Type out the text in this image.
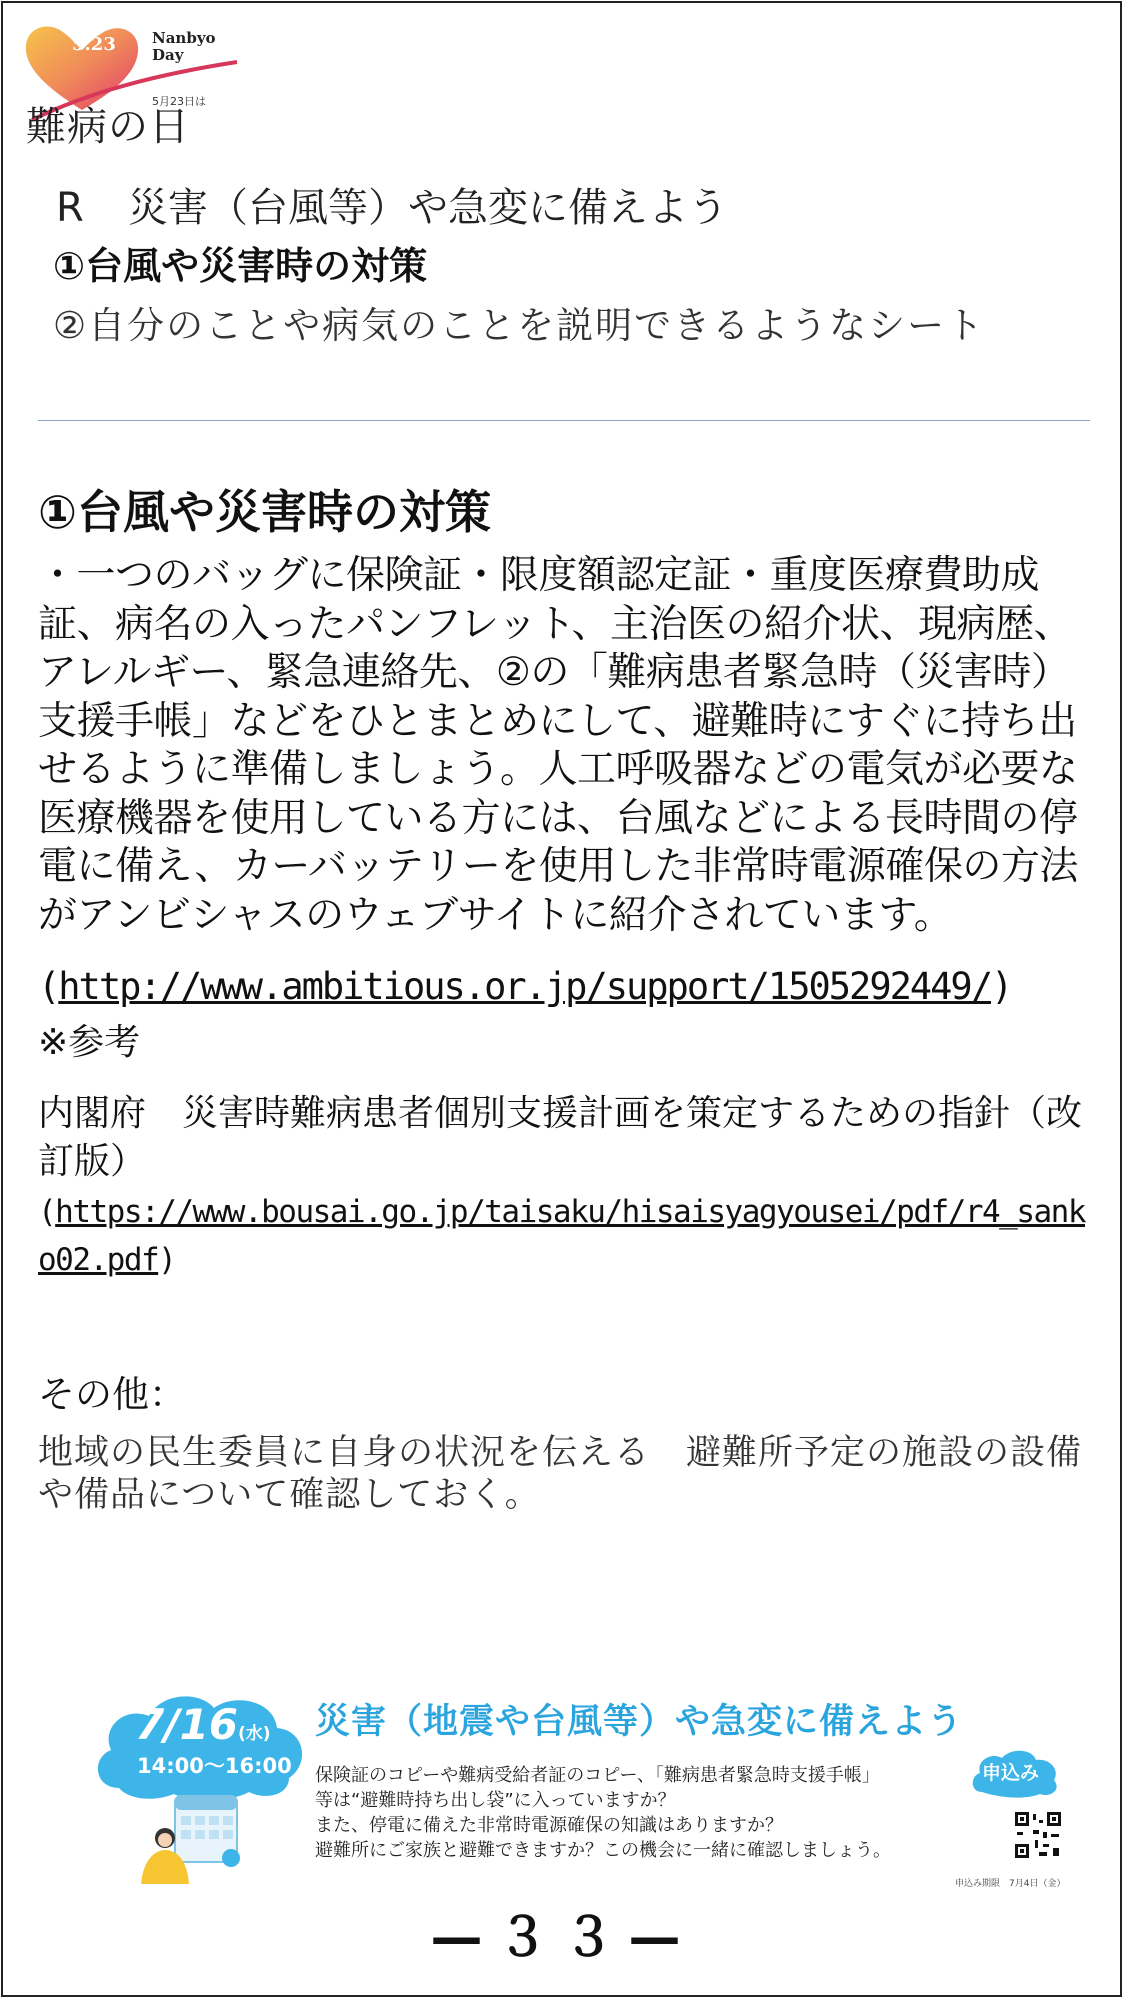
5.23 Nanbyo Day
5月23日は
難病の日
R 災害（台風等）や急変に備えよう
①台風や災害時の対策
②自分のことや病気のことを説明できるようなシート
①台風や災害時の対策

・一つのバッグに保険証・限度額認定証・重度医療費助成証、病名の入ったパンフレット、主治医の紹介状、現病歴、アレルギー、緊急連絡先、②の「難病患者緊急時（災害時）支援手帳」などをひとまとめにして、避難時にすぐに持ち出せるように準備しましょう。人工呼吸器などの電気が必要な医療機器を使用している方には、台風などによる長時間の停電に備え、カーバッテリーを使用した非常時電源確保の方法がアンビシャスのウェブサイトに紹介されています。

(http://www.ambitious.or.jp/support/1505292449/)
※参考
内閣府　災害時難病患者個別支援計画を策定するための指針（改訂版）
(https://www.bousai.go.jp/taisaku/hisaisyagyousei/pdf/r4_sanko02.pdf)
その他：
地域の民生委員に自身の状況を伝える　避難所予定の施設の設備や備品について確認しておく。
7/16(水)
14:00〜16:00
災害（地震や台風等）や急変に備えよう
保険証のコピーや難病受給者証のコピー、「難病患者緊急時支援手帳」
等は“避難時持ち出し袋”に入っていますか？
また、停電に備えた非常時電源確保の知識はありますか？
避難所にご家族と避難できますか？この機会に一緒に確認しましょう。
申込み
申込み期限　7月4日（金）
—３３—
